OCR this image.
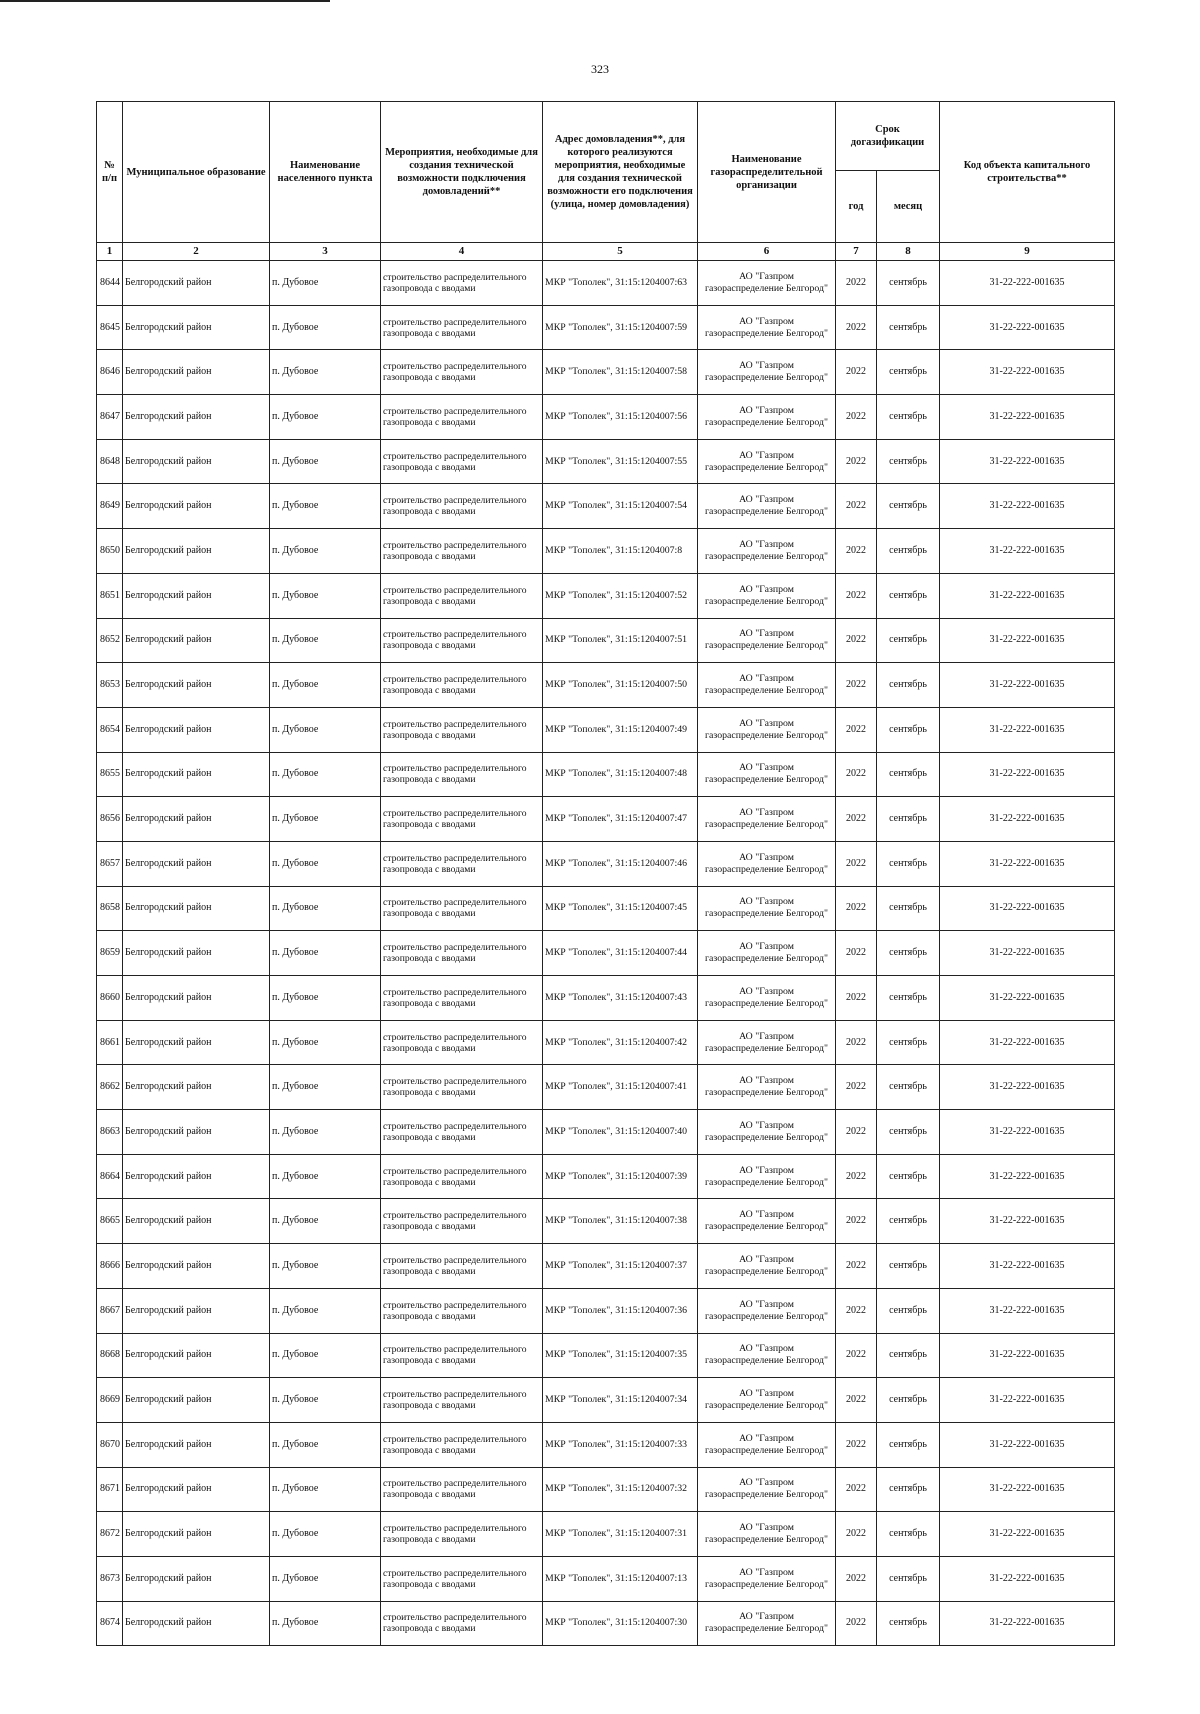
323
№ п/п	Муниципальное образование	Наименование населенного пункта	Мероприятия, необходимые для создания технической возможности подключения домовладений**	Адрес домовладения**, для которого реализуются мероприятия, необходимые для создания технической возможности его подключения (улица, номер домовладения)	Наименование газораспределительной организации	Срок догазификации		Код объекта капитального строительства**
						год	месяц	
1	2	3	4	5	6	7	8	9
8644	Белгородский район	п. Дубовое	строительство распределительного газопровода с вводами	МКР "Тополек", 31:15:1204007:63	АО "Газпром газораспределение Белгород"	2022	сентябрь	31-22-222-001635
8645	Белгородский район	п. Дубовое	строительство распределительного газопровода с вводами	МКР "Тополек", 31:15:1204007:59	АО "Газпром газораспределение Белгород"	2022	сентябрь	31-22-222-001635
8646	Белгородский район	п. Дубовое	строительство распределительного газопровода с вводами	МКР "Тополек", 31:15:1204007:58	АО "Газпром газораспределение Белгород"	2022	сентябрь	31-22-222-001635
8647	Белгородский район	п. Дубовое	строительство распределительного газопровода с вводами	МКР "Тополек", 31:15:1204007:56	АО "Газпром газораспределение Белгород"	2022	сентябрь	31-22-222-001635
8648	Белгородский район	п. Дубовое	строительство распределительного газопровода с вводами	МКР "Тополек", 31:15:1204007:55	АО "Газпром газораспределение Белгород"	2022	сентябрь	31-22-222-001635
8649	Белгородский район	п. Дубовое	строительство распределительного газопровода с вводами	МКР "Тополек", 31:15:1204007:54	АО "Газпром газораспределение Белгород"	2022	сентябрь	31-22-222-001635
8650	Белгородский район	п. Дубовое	строительство распределительного газопровода с вводами	МКР "Тополек", 31:15:1204007:8	АО "Газпром газораспределение Белгород"	2022	сентябрь	31-22-222-001635
8651	Белгородский район	п. Дубовое	строительство распределительного газопровода с вводами	МКР "Тополек", 31:15:1204007:52	АО "Газпром газораспределение Белгород"	2022	сентябрь	31-22-222-001635
8652	Белгородский район	п. Дубовое	строительство распределительного газопровода с вводами	МКР "Тополек", 31:15:1204007:51	АО "Газпром газораспределение Белгород"	2022	сентябрь	31-22-222-001635
8653	Белгородский район	п. Дубовое	строительство распределительного газопровода с вводами	МКР "Тополек", 31:15:1204007:50	АО "Газпром газораспределение Белгород"	2022	сентябрь	31-22-222-001635
8654	Белгородский район	п. Дубовое	строительство распределительного газопровода с вводами	МКР "Тополек", 31:15:1204007:49	АО "Газпром газораспределение Белгород"	2022	сентябрь	31-22-222-001635
8655	Белгородский район	п. Дубовое	строительство распределительного газопровода с вводами	МКР "Тополек", 31:15:1204007:48	АО "Газпром газораспределение Белгород"	2022	сентябрь	31-22-222-001635
8656	Белгородский район	п. Дубовое	строительство распределительного газопровода с вводами	МКР "Тополек", 31:15:1204007:47	АО "Газпром газораспределение Белгород"	2022	сентябрь	31-22-222-001635
8657	Белгородский район	п. Дубовое	строительство распределительного газопровода с вводами	МКР "Тополек", 31:15:1204007:46	АО "Газпром газораспределение Белгород"	2022	сентябрь	31-22-222-001635
8658	Белгородский район	п. Дубовое	строительство распределительного газопровода с вводами	МКР "Тополек", 31:15:1204007:45	АО "Газпром газораспределение Белгород"	2022	сентябрь	31-22-222-001635
8659	Белгородский район	п. Дубовое	строительство распределительного газопровода с вводами	МКР "Тополек", 31:15:1204007:44	АО "Газпром газораспределение Белгород"	2022	сентябрь	31-22-222-001635
8660	Белгородский район	п. Дубовое	строительство распределительного газопровода с вводами	МКР "Тополек", 31:15:1204007:43	АО "Газпром газораспределение Белгород"	2022	сентябрь	31-22-222-001635
8661	Белгородский район	п. Дубовое	строительство распределительного газопровода с вводами	МКР "Тополек", 31:15:1204007:42	АО "Газпром газораспределение Белгород"	2022	сентябрь	31-22-222-001635
8662	Белгородский район	п. Дубовое	строительство распределительного газопровода с вводами	МКР "Тополек", 31:15:1204007:41	АО "Газпром газораспределение Белгород"	2022	сентябрь	31-22-222-001635
8663	Белгородский район	п. Дубовое	строительство распределительного газопровода с вводами	МКР "Тополек", 31:15:1204007:40	АО "Газпром газораспределение Белгород"	2022	сентябрь	31-22-222-001635
8664	Белгородский район	п. Дубовое	строительство распределительного газопровода с вводами	МКР "Тополек", 31:15:1204007:39	АО "Газпром газораспределение Белгород"	2022	сентябрь	31-22-222-001635
8665	Белгородский район	п. Дубовое	строительство распределительного газопровода с вводами	МКР "Тополек", 31:15:1204007:38	АО "Газпром газораспределение Белгород"	2022	сентябрь	31-22-222-001635
8666	Белгородский район	п. Дубовое	строительство распределительного газопровода с вводами	МКР "Тополек", 31:15:1204007:37	АО "Газпром газораспределение Белгород"	2022	сентябрь	31-22-222-001635
8667	Белгородский район	п. Дубовое	строительство распределительного газопровода с вводами	МКР "Тополек", 31:15:1204007:36	АО "Газпром газораспределение Белгород"	2022	сентябрь	31-22-222-001635
8668	Белгородский район	п. Дубовое	строительство распределительного газопровода с вводами	МКР "Тополек", 31:15:1204007:35	АО "Газпром газораспределение Белгород"	2022	сентябрь	31-22-222-001635
8669	Белгородский район	п. Дубовое	строительство распределительного газопровода с вводами	МКР "Тополек", 31:15:1204007:34	АО "Газпром газораспределение Белгород"	2022	сентябрь	31-22-222-001635
8670	Белгородский район	п. Дубовое	строительство распределительного газопровода с вводами	МКР "Тополек", 31:15:1204007:33	АО "Газпром газораспределение Белгород"	2022	сентябрь	31-22-222-001635
8671	Белгородский район	п. Дубовое	строительство распределительного газопровода с вводами	МКР "Тополек", 31:15:1204007:32	АО "Газпром газораспределение Белгород"	2022	сентябрь	31-22-222-001635
8672	Белгородский район	п. Дубовое	строительство распределительного газопровода с вводами	МКР "Тополек", 31:15:1204007:31	АО "Газпром газораспределение Белгород"	2022	сентябрь	31-22-222-001635
8673	Белгородский район	п. Дубовое	строительство распределительного газопровода с вводами	МКР "Тополек", 31:15:1204007:13	АО "Газпром газораспределение Белгород"	2022	сентябрь	31-22-222-001635
8674	Белгородский район	п. Дубовое	строительство распределительного газопровода с вводами	МКР "Тополек", 31:15:1204007:30	АО "Газпром газораспределение Белгород"	2022	сентябрь	31-22-222-001635
